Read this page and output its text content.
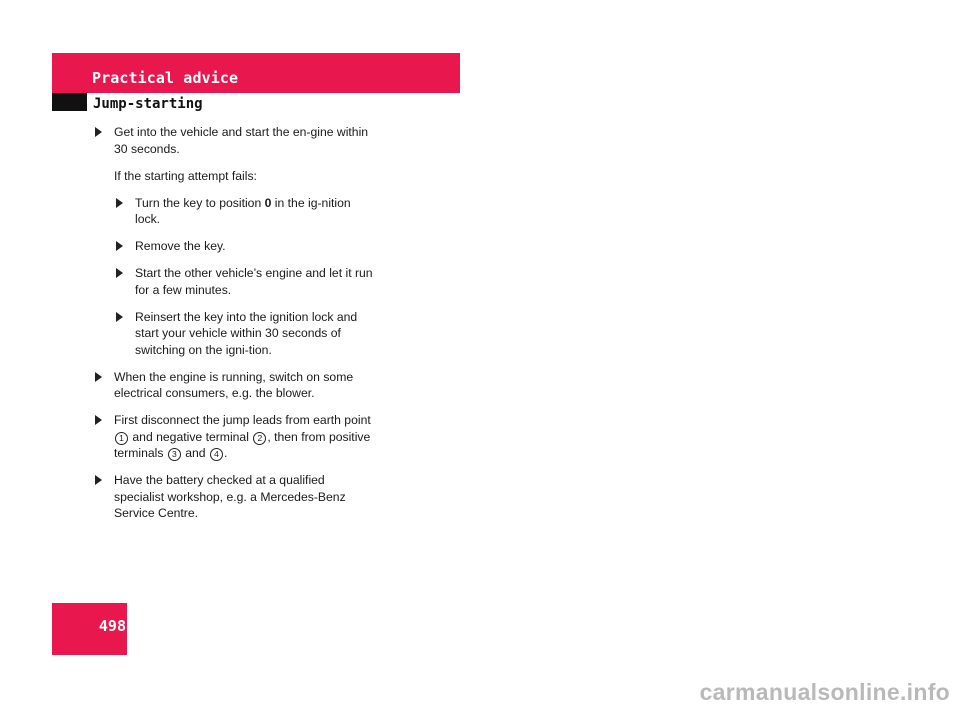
Practical advice
Jump-starting
Get into the vehicle and start the en-gine within 30 seconds.
If the starting attempt fails:
Turn the key to position 0 in the ig-nition lock.
Remove the key.
Start the other vehicle’s engine and let it run for a few minutes.
Reinsert the key into the ignition lock and start your vehicle within 30 seconds of switching on the igni-tion.
When the engine is running, switch on some electrical consumers, e.g. the blower.
First disconnect the jump leads from earth point 1 and negative terminal 2 , then from positive terminals 3 and 4 .
Have the battery checked at a qualified specialist workshop, e.g. a Mercedes-Benz Service Centre.
498
carmanualsonline.info
